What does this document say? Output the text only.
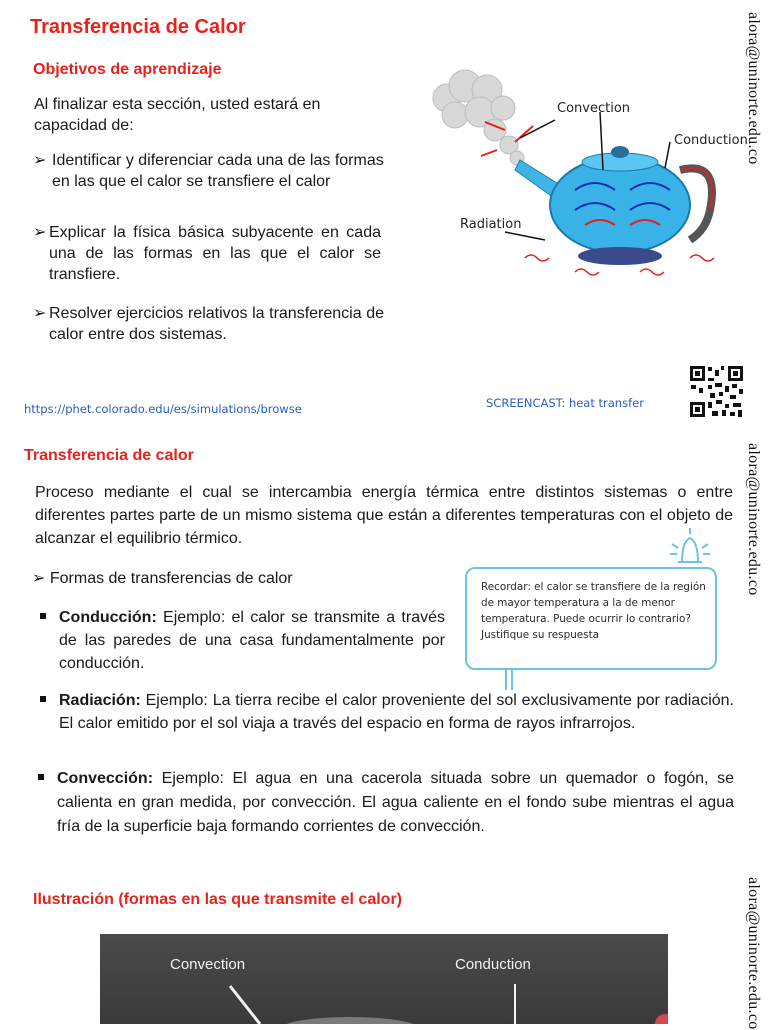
Transferencia de Calor
Objetivos de aprendizaje
Al finalizar esta sección, usted estará en capacidad de:
➢ Identificar y diferenciar cada una de las formas en las que el calor se transfiere el calor
➢ Explicar la física básica subyacente en cada una de las formas en las que el calor se transfiere.
➢ Resolver ejercicios relativos la transferencia de calor entre dos sistemas.
Convection
Conduction
Radiation
https://phet.colorado.edu/es/simulations/browse	SCREENCAST: heat transfer
alora@uninorte.edu.co
alora@uninorte.edu.co
alora@uninorte.edu.co
Transferencia de calor
Proceso mediante el cual se intercambia energía térmica entre distintos sistemas o entre diferentes partes parte de un mismo sistema que están a diferentes temperaturas con el objeto de alcanzar el equilibrio térmico.
➢ Formas de transferencias de calor
Conducción: Ejemplo: el calor se transmite a través de las paredes de una casa fundamentalmente por conducción.
Recordar: el calor se transfiere de la región de mayor temperatura a la de menor temperatura. Puede ocurrir lo contrario? Justifique su respuesta
Radiación: Ejemplo: La tierra recibe el calor proveniente del sol exclusivamente por radiación. El calor emitido por el sol viaja a través del espacio en forma de rayos infrarrojos.
Convección: Ejemplo: El agua en una cacerola situada sobre un quemador o fogón, se calienta en gran medida, por convección. El agua caliente en el fondo sube mientras el agua fría de la superficie baja formando corrientes de convección.
Ilustración (formas en las que transmite el calor)
Convection	Conduction
